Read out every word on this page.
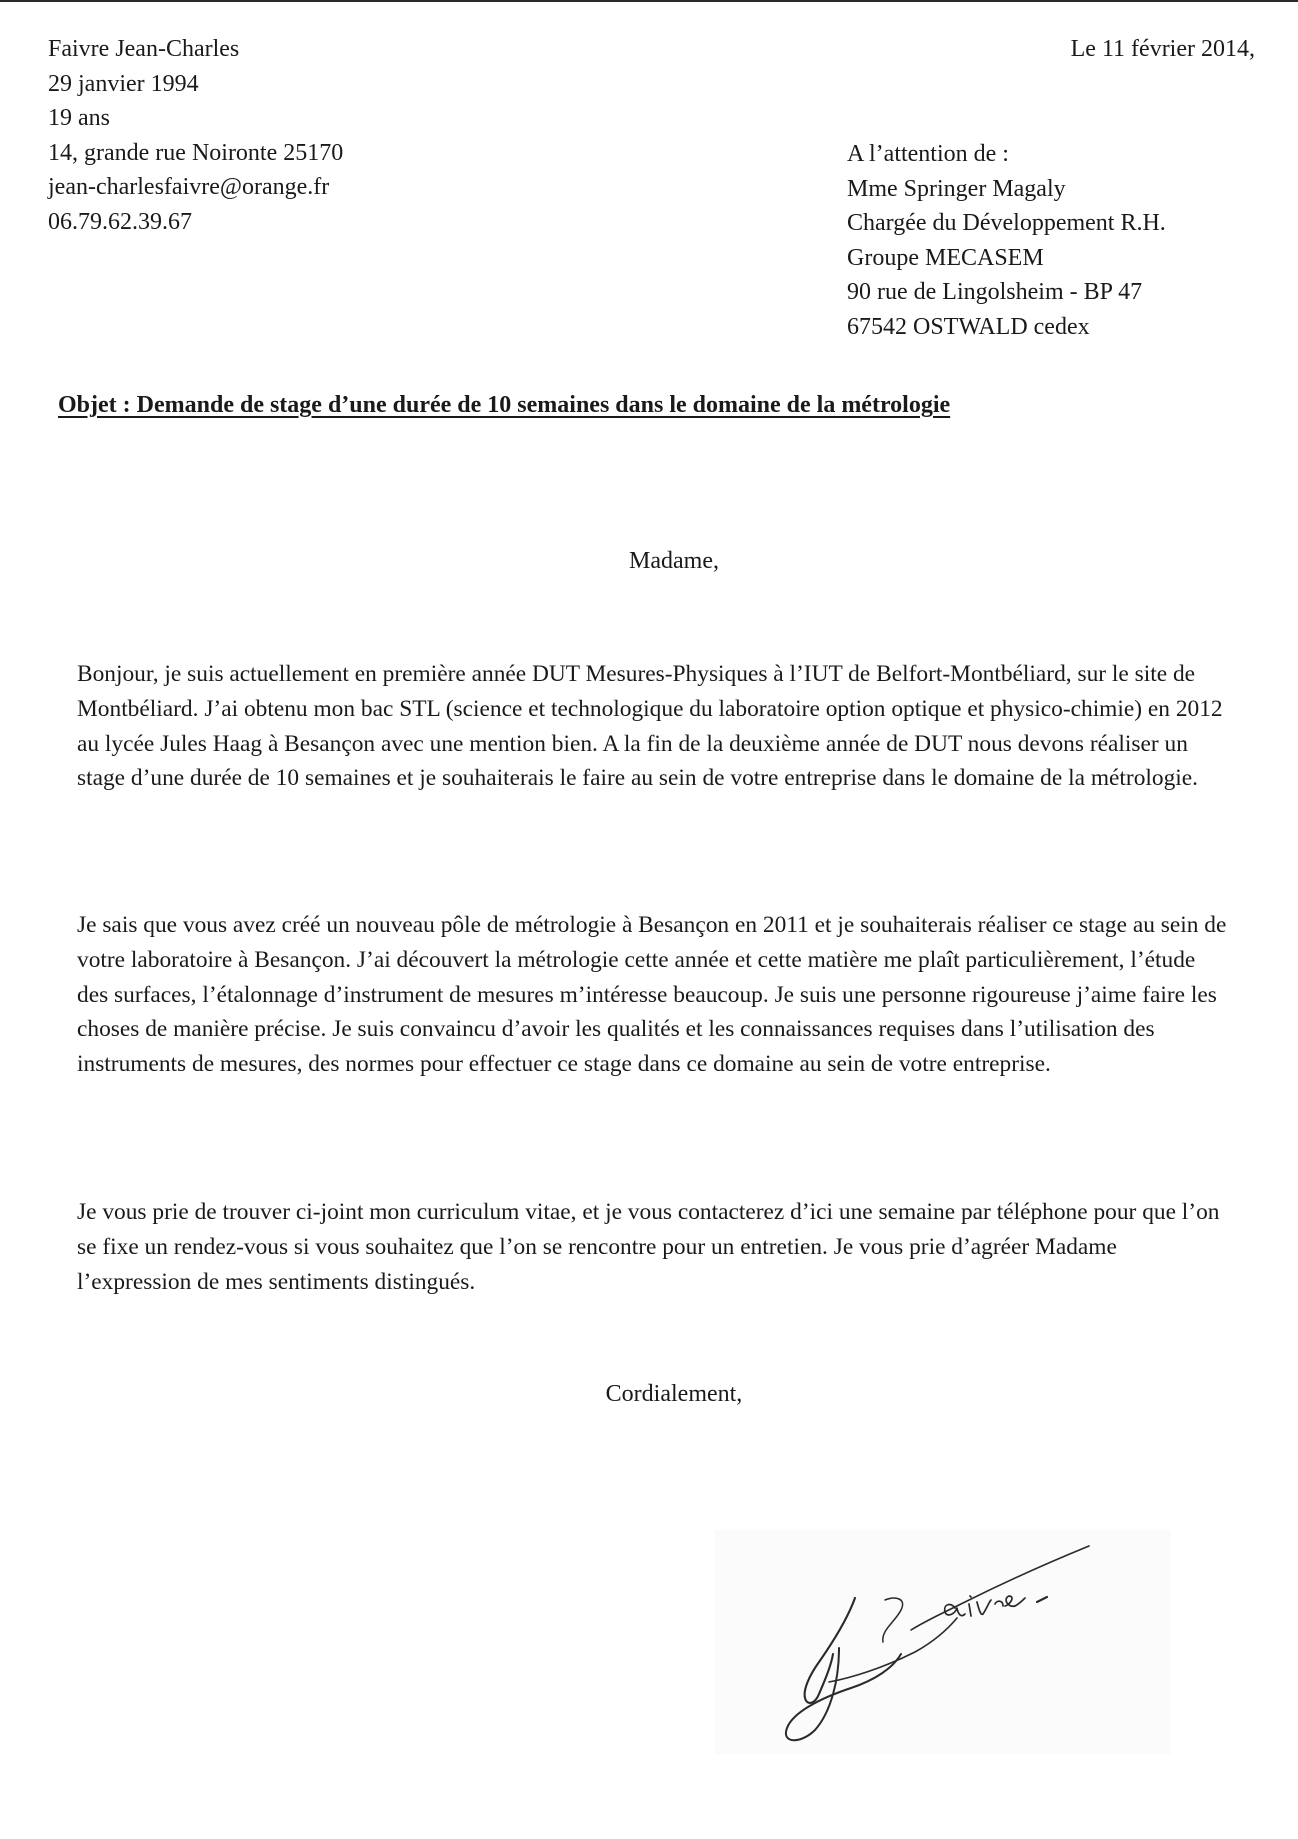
Faivre Jean-Charles
29 janvier 1994
19 ans
14, grande rue Noironte 25170
jean-charlesfaivre@orange.fr
06.79.62.39.67
Le 11 février 2014,
A l’attention de :
Mme Springer Magaly
Chargée du Développement R.H.
Groupe MECASEM
90 rue de Lingolsheim - BP 47
67542 OSTWALD cedex
Objet : Demande de stage d’une durée de 10 semaines dans le domaine de la métrologie
Madame,

Bonjour, je suis actuellement en première année DUT Mesures-Physiques à l’IUT de Belfort-Montbéliard, sur le site de Montbéliard. J’ai obtenu mon bac STL (science et technologique du laboratoire option optique et physico-chimie) en 2012 au lycée Jules Haag à Besançon avec une mention bien. A la fin de la deuxième année de DUT nous devons réaliser un stage d’une durée de 10 semaines et je souhaiterais le faire au sein de votre entreprise dans le domaine de la métrologie.

Je sais que vous avez créé un nouveau pôle de métrologie à Besançon en 2011 et je souhaiterais réaliser ce stage au sein de votre laboratoire à Besançon. J’ai découvert la métrologie cette année et cette matière me plaît particulièrement, l’étude des surfaces, l’étalonnage d’instrument de mesures m’intéresse beaucoup. Je suis une personne rigoureuse j’aime faire les choses de manière précise. Je suis convaincu d’avoir les qualités et les connaissances requises dans l’utilisation des instruments de mesures, des normes pour effectuer ce stage dans ce domaine au sein de votre entreprise.

Je vous prie de trouver ci-joint mon curriculum vitae, et je vous contacterez d’ici une semaine par téléphone pour que l’on se fixe un rendez-vous si vous souhaitez que l’on se rencontre pour un entretien. Je vous prie d’agréer Madame l’expression de mes sentiments distingués.

Cordialement,
